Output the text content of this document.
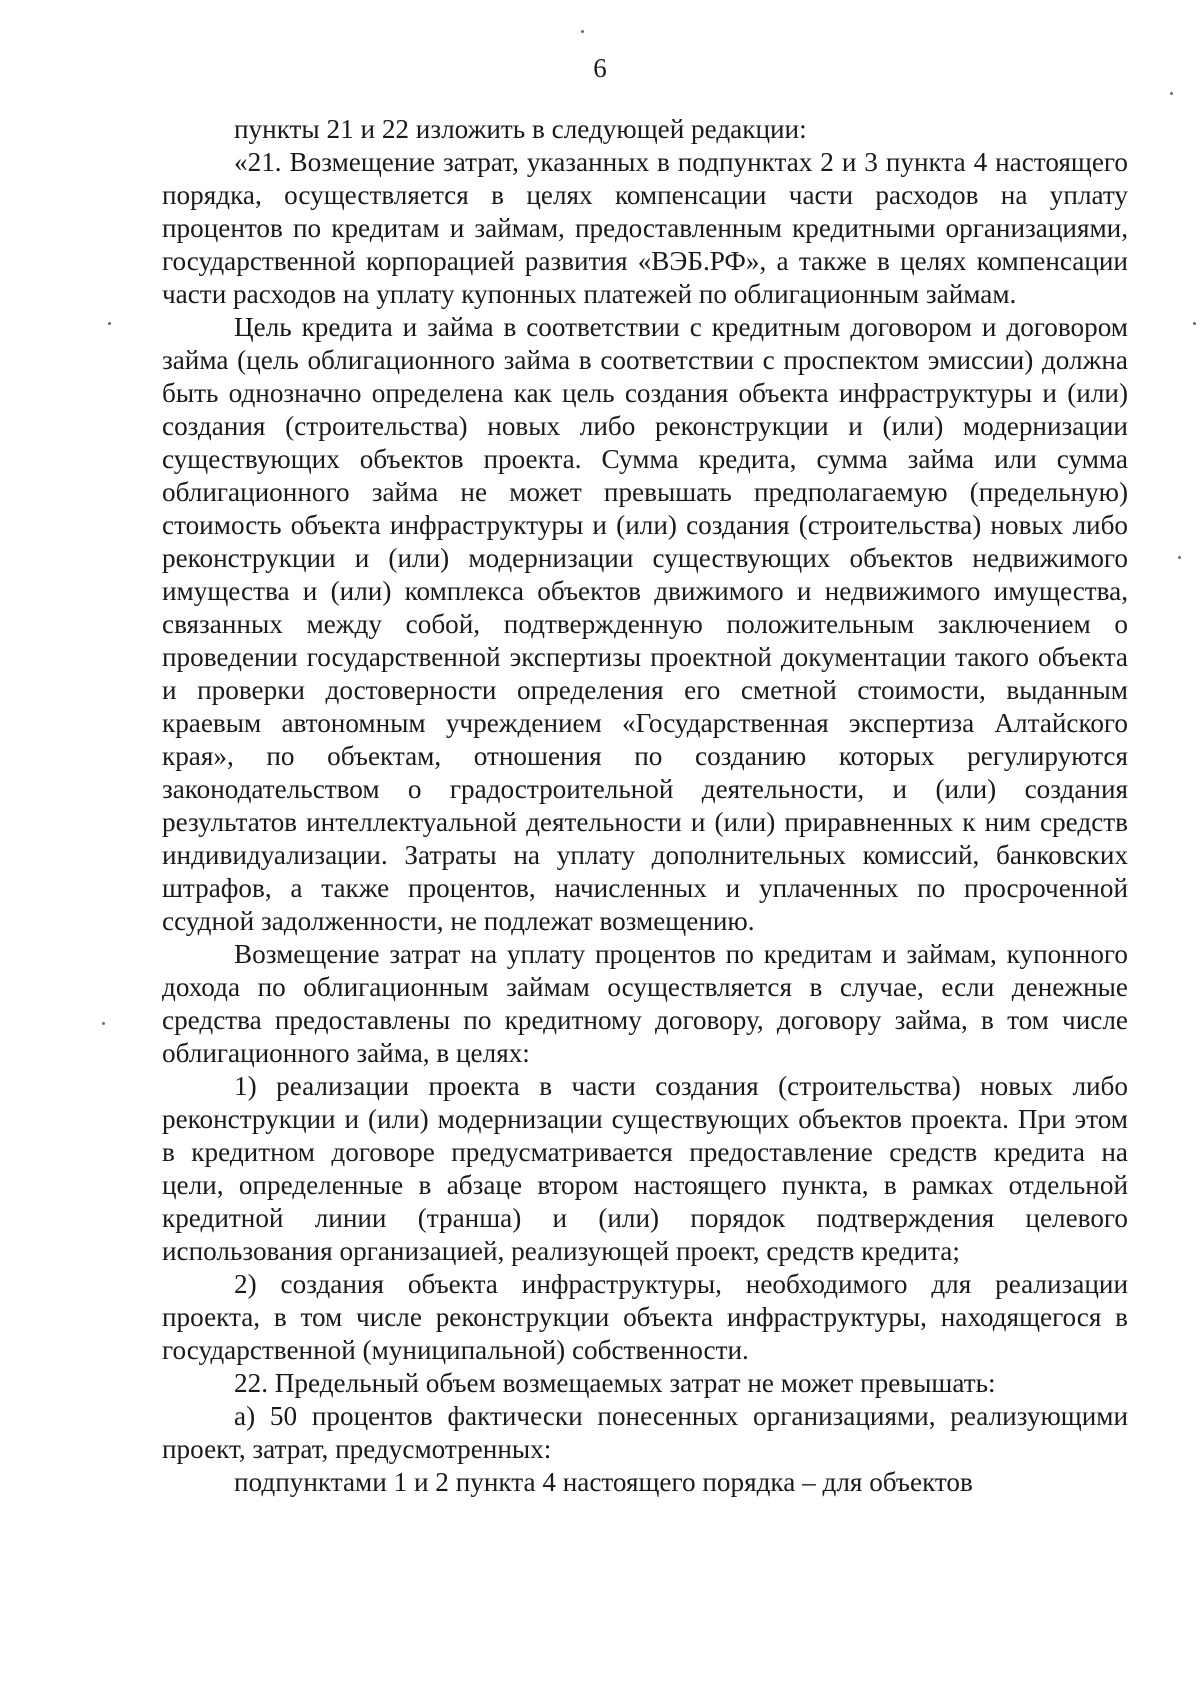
6

пункты 21 и 22 изложить в следующей редакции:

«21. Возмещение затрат, указанных в подпунктах 2 и 3 пункта 4 настоящего порядка, осуществляется в целях компенсации части расходов на уплату процентов по кредитам и займам, предоставленным кредитными организациями, государственной корпорацией развития «ВЭБ.РФ», а также в целях компенсации части расходов на уплату купонных платежей по облигационным займам.

Цель кредита и займа в соответствии с кредитным договором и договором займа (цель облигационного займа в соответствии с проспектом эмиссии) должна быть однозначно определена как цель создания объекта инфраструктуры и (или) создания (строительства) новых либо реконструкции и (или) модернизации существующих объектов проекта. Сумма кредита, сумма займа или сумма облигационного займа не может превышать предполагаемую (предельную) стоимость объекта инфраструктуры и (или) создания (строительства) новых либо реконструкции и (или) модернизации существующих объектов недвижимого имущества и (или) комплекса объектов движимого и недвижимого имущества, связанных между собой, подтвержденную положительным заключением о проведении государственной экспертизы проектной документации такого объекта и проверки достоверности определения его сметной стоимости, выданным краевым автономным учреждением «Государственная экспертиза Алтайского края», по объектам, отношения по созданию которых регулируются законодательством о градостроительной деятельности, и (или) создания результатов интеллектуальной деятельности и (или) приравненных к ним средств индивидуализации. Затраты на уплату дополнительных комиссий, банковских штрафов, а также процентов, начисленных и уплаченных по просроченной ссудной задолженности, не подлежат возмещению.

Возмещение затрат на уплату процентов по кредитам и займам, купонного дохода по облигационным займам осуществляется в случае, если денежные средства предоставлены по кредитному договору, договору займа, в том числе облигационного займа, в целях:

1) реализации проекта в части создания (строительства) новых либо реконструкции и (или) модернизации существующих объектов проекта. При этом в кредитном договоре предусматривается предоставление средств кредита на цели, определенные в абзаце втором настоящего пункта, в рамках отдельной кредитной линии (транша) и (или) порядок подтверждения целевого использования организацией, реализующей проект, средств кредита;

2) создания объекта инфраструктуры, необходимого для реализации проекта, в том числе реконструкции объекта инфраструктуры, находящегося в государственной (муниципальной) собственности.

22. Предельный объем возмещаемых затрат не может превышать:

а) 50 процентов фактически понесенных организациями, реализующими проект, затрат, предусмотренных:

подпунктами 1 и 2 пункта 4 настоящего порядка – для объектов
